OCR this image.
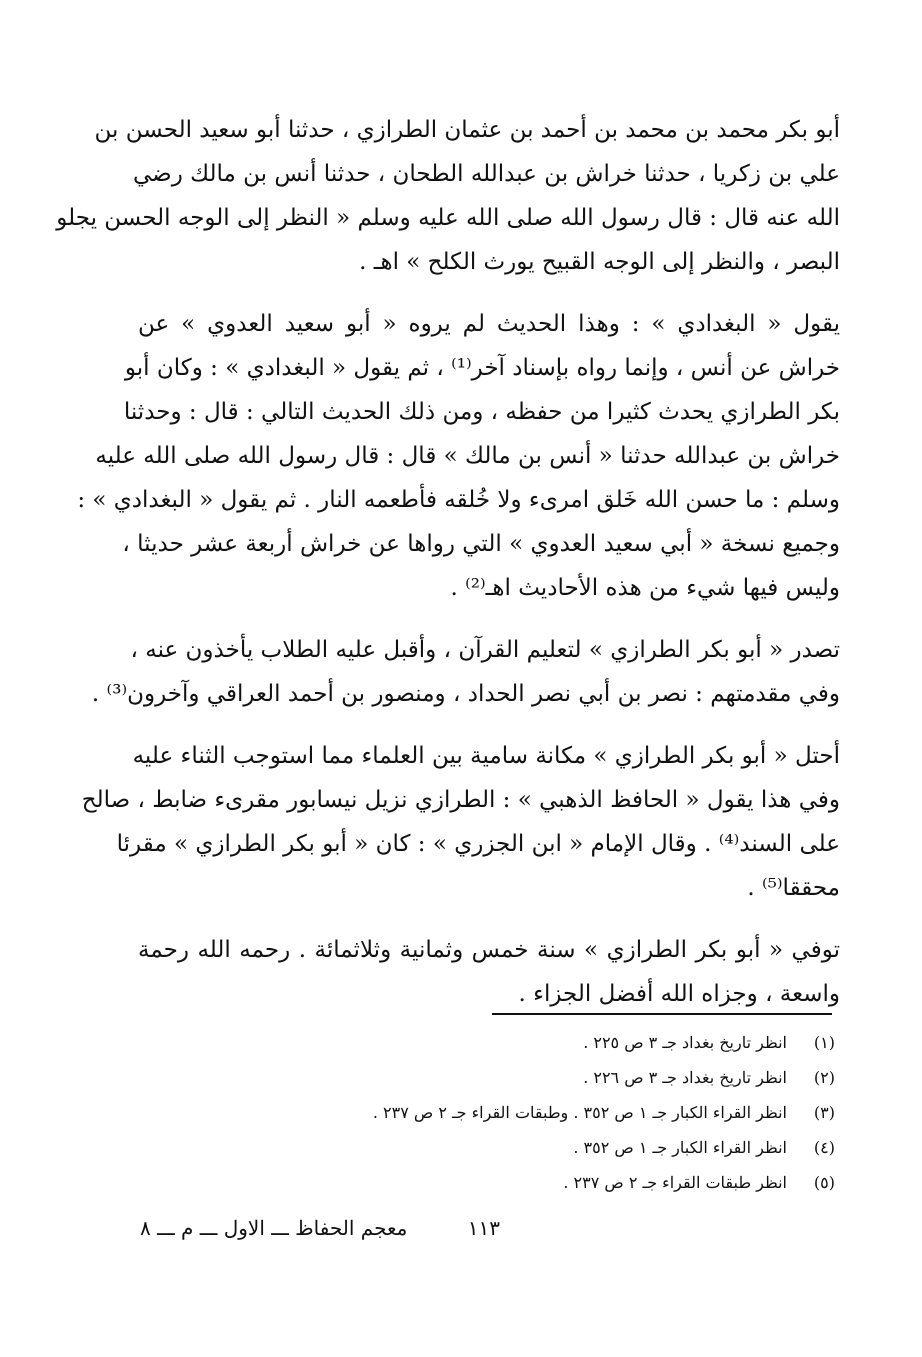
أبو بكر محمد بن محمد بن أحمد بن عثمان الطرازي ، حدثنا أبو سعيد الحسن بن
علي بن زكريا ، حدثنا خراش بن عبدالله الطحان ، حدثنا أنس بن مالك رضي
الله عنه قال : قال رسول الله صلى الله عليه وسلم « النظر إلى الوجه الحسن يجلو
البصر ، والنظر إلى الوجه القبيح يورث الكلح » اهـ .
يقول « البغدادي » : وهذا الحديث لم يروه « أبو سعيد العدوي » عن
خراش عن أنس ، وإنما رواه بإسناد آخر⁽¹⁾ ، ثم يقول « البغدادي » : وكان أبو
بكر الطرازي يحدث كثيرا من حفظه ، ومن ذلك الحديث التالي : قال : وحدثنا
خراش بن عبدالله حدثنا « أنس بن مالك » قال : قال رسول الله صلى الله عليه
وسلم : ما حسن الله خَلق امرىء ولا خُلقه فأطعمه النار . ثم يقول « البغدادي » :
وجميع نسخة « أبي سعيد العدوي » التي رواها عن خراش أربعة عشر حديثا ،
وليس فيها شيء من هذه الأحاديث اهـ⁽²⁾ .
تصدر « أبو بكر الطرازي » لتعليم القرآن ، وأقبل عليه الطلاب يأخذون عنه ،
وفي مقدمتهم : نصر بن أبي نصر الحداد ، ومنصور بن أحمد العراقي وآخرون⁽³⁾ .
أحتل « أبو بكر الطرازي » مكانة سامية بين العلماء مما استوجب الثناء عليه
وفي هذا يقول « الحافظ الذهبي » : الطرازي نزيل نيسابور مقرىء ضابط ، صالح
على السند⁽⁴⁾ . وقال الإمام « ابن الجزري » : كان « أبو بكر الطرازي » مقرئا
محققا⁽⁵⁾ .
توفي « أبو بكر الطرازي » سنة خمس وثمانية وثلاثمائة . رحمه الله رحمة
واسعة ، وجزاه الله أفضل الجزاء .
(١)
انظر تاريخ بغداد جـ ٣ ص ٢٢٥ .
(٢)
انظر تاريخ بغداد جـ ٣ ص ٢٢٦ .
(٣)
انظر القراء الكبار جـ ١ ص ٣٥٢ . وطبقات القراء جـ ٢ ص ٢٣٧ .
(٤)
انظر القراء الكبار جـ ١ ص ٣٥٢ .
(٥)
انظر طبقات القراء جـ ٢ ص ٢٣٧ .
١١٣
معجم الحفاظ ـــ الاول ـــ م ـــ ٨
